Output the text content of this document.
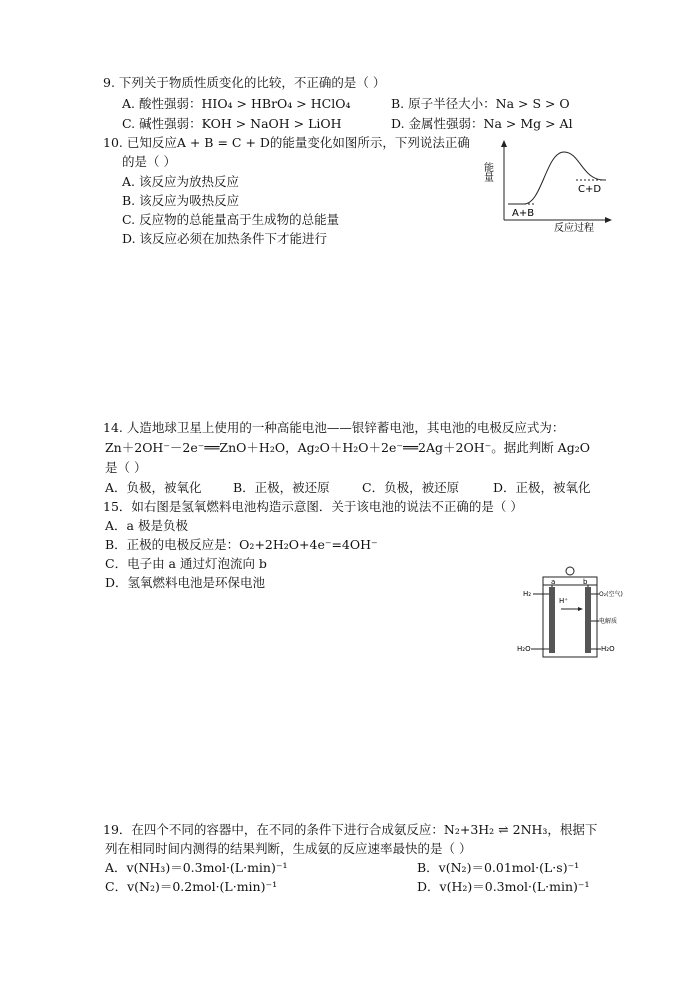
9. 下列关于物质性质变化的比较，不正确的是（ ）
A. 酸性强弱：HIO₄ > HBrO₄ > HClO₄	B. 原子半径大小：Na > S > O
C. 碱性强弱：KOH > NaOH > LiOH	D. 金属性强弱：Na > Mg > Al
10. 已知反应A + B = C + D的能量变化如图所示，下列说法正确
的是（ ）
A. 该反应为放热反应
B. 该反应为吸热反应
C. 反应物的总能量高于生成物的总能量
D. 该反应必须在加热条件下才能进行
能量
A+B
C+D
反应过程
14. 人造地球卫星上使用的一种高能电池——银锌蓄电池，其电池的电极反应式为：
Zn＋2OH⁻－2e⁻══ZnO＋H₂O，Ag₂O＋H₂O＋2e⁻══2Ag＋2OH⁻。据此判断 Ag₂O
是（ ）
A．负极，被氧化	B．正极，被还原	C．负极，被还原	D．正极，被氧化
15．如右图是氢氧燃料电池构造示意图．关于该电池的说法不正确的是（ ）
A．a 极是负极
B．正极的电极反应是：O₂+2H₂O+4e⁻=4OH⁻
C．电子由 a 通过灯泡流向 b
D．氢氧燃料电池是环保电池	a	b
H₂	O₂(空气)
H⁺
电解质
H₂O	H₂O
19．在四个不同的容器中，在不同的条件下进行合成氨反应：N₂+3H₂ ⇌ 2NH₃，根据下
列在相同时间内测得的结果判断，生成氨的反应速率最快的是（ ）
A．v(NH₃)＝0.3mol·(L·min)⁻¹	B．v(N₂)＝0.01mol·(L·s)⁻¹
C．v(N₂)＝0.2mol·(L·min)⁻¹	D．v(H₂)＝0.3mol·(L·min)⁻¹
